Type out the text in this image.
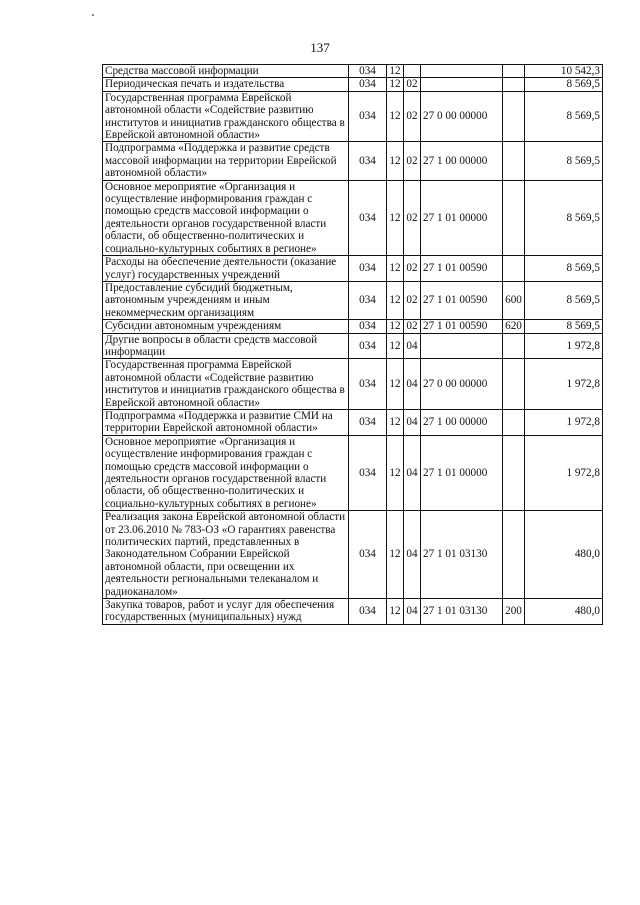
137
Средства массовой информации	034	12				10 542,3
Периодическая печать и издательства	034	12	02			8 569,5
Государственная программа Еврейской автономной области «Содействие развитию институтов и инициатив гражданского общества в Еврейской автономной области»	034	12	02	27 0 00 00000		8 569,5
Подпрограмма «Поддержка и развитие средств массовой информации на территории Еврейской автономной области»	034	12	02	27 1 00 00000		8 569,5
Основное мероприятие «Организация и осуществление информирования граждан с помощью средств массовой информации о деятельности органов государственной власти области, об общественно-политических и социально-культурных событиях в регионе»	034	12	02	27 1 01 00000		8 569,5
Расходы на обеспечение деятельности (оказание услуг) государственных учреждений	034	12	02	27 1 01 00590		8 569,5
Предоставление субсидий бюджетным, автономным учреждениям и иным некоммерческим организациям	034	12	02	27 1 01 00590	600	8 569,5
Субсидии автономным учреждениям	034	12	02	27 1 01 00590	620	8 569,5
Другие вопросы в области средств массовой информации	034	12	04			1 972,8
Государственная программа Еврейской автономной области «Содействие развитию институтов и инициатив гражданского общества в Еврейской автономной области»	034	12	04	27 0 00 00000		1 972,8
Подпрограмма «Поддержка и развитие СМИ на территории Еврейской автономной области»	034	12	04	27 1 00 00000		1 972,8
Основное мероприятие «Организация и осуществление информирования граждан с помощью средств массовой информации о деятельности органов государственной власти области, об общественно-политических и социально-культурных событиях в регионе»	034	12	04	27 1 01 00000		1 972,8
Реализация закона Еврейской автономной области от 23.06.2010 № 783-ОЗ «О гарантиях равенства политических партий, представленных в Законодательном Собрании Еврейской автономной области, при освещении их деятельности региональными телеканалом и радиоканалом»	034	12	04	27 1 01 03130		480,0
Закупка товаров, работ и услуг для обеспечения государственных (муниципальных) нужд	034	12	04	27 1 01 03130	200	480,0
